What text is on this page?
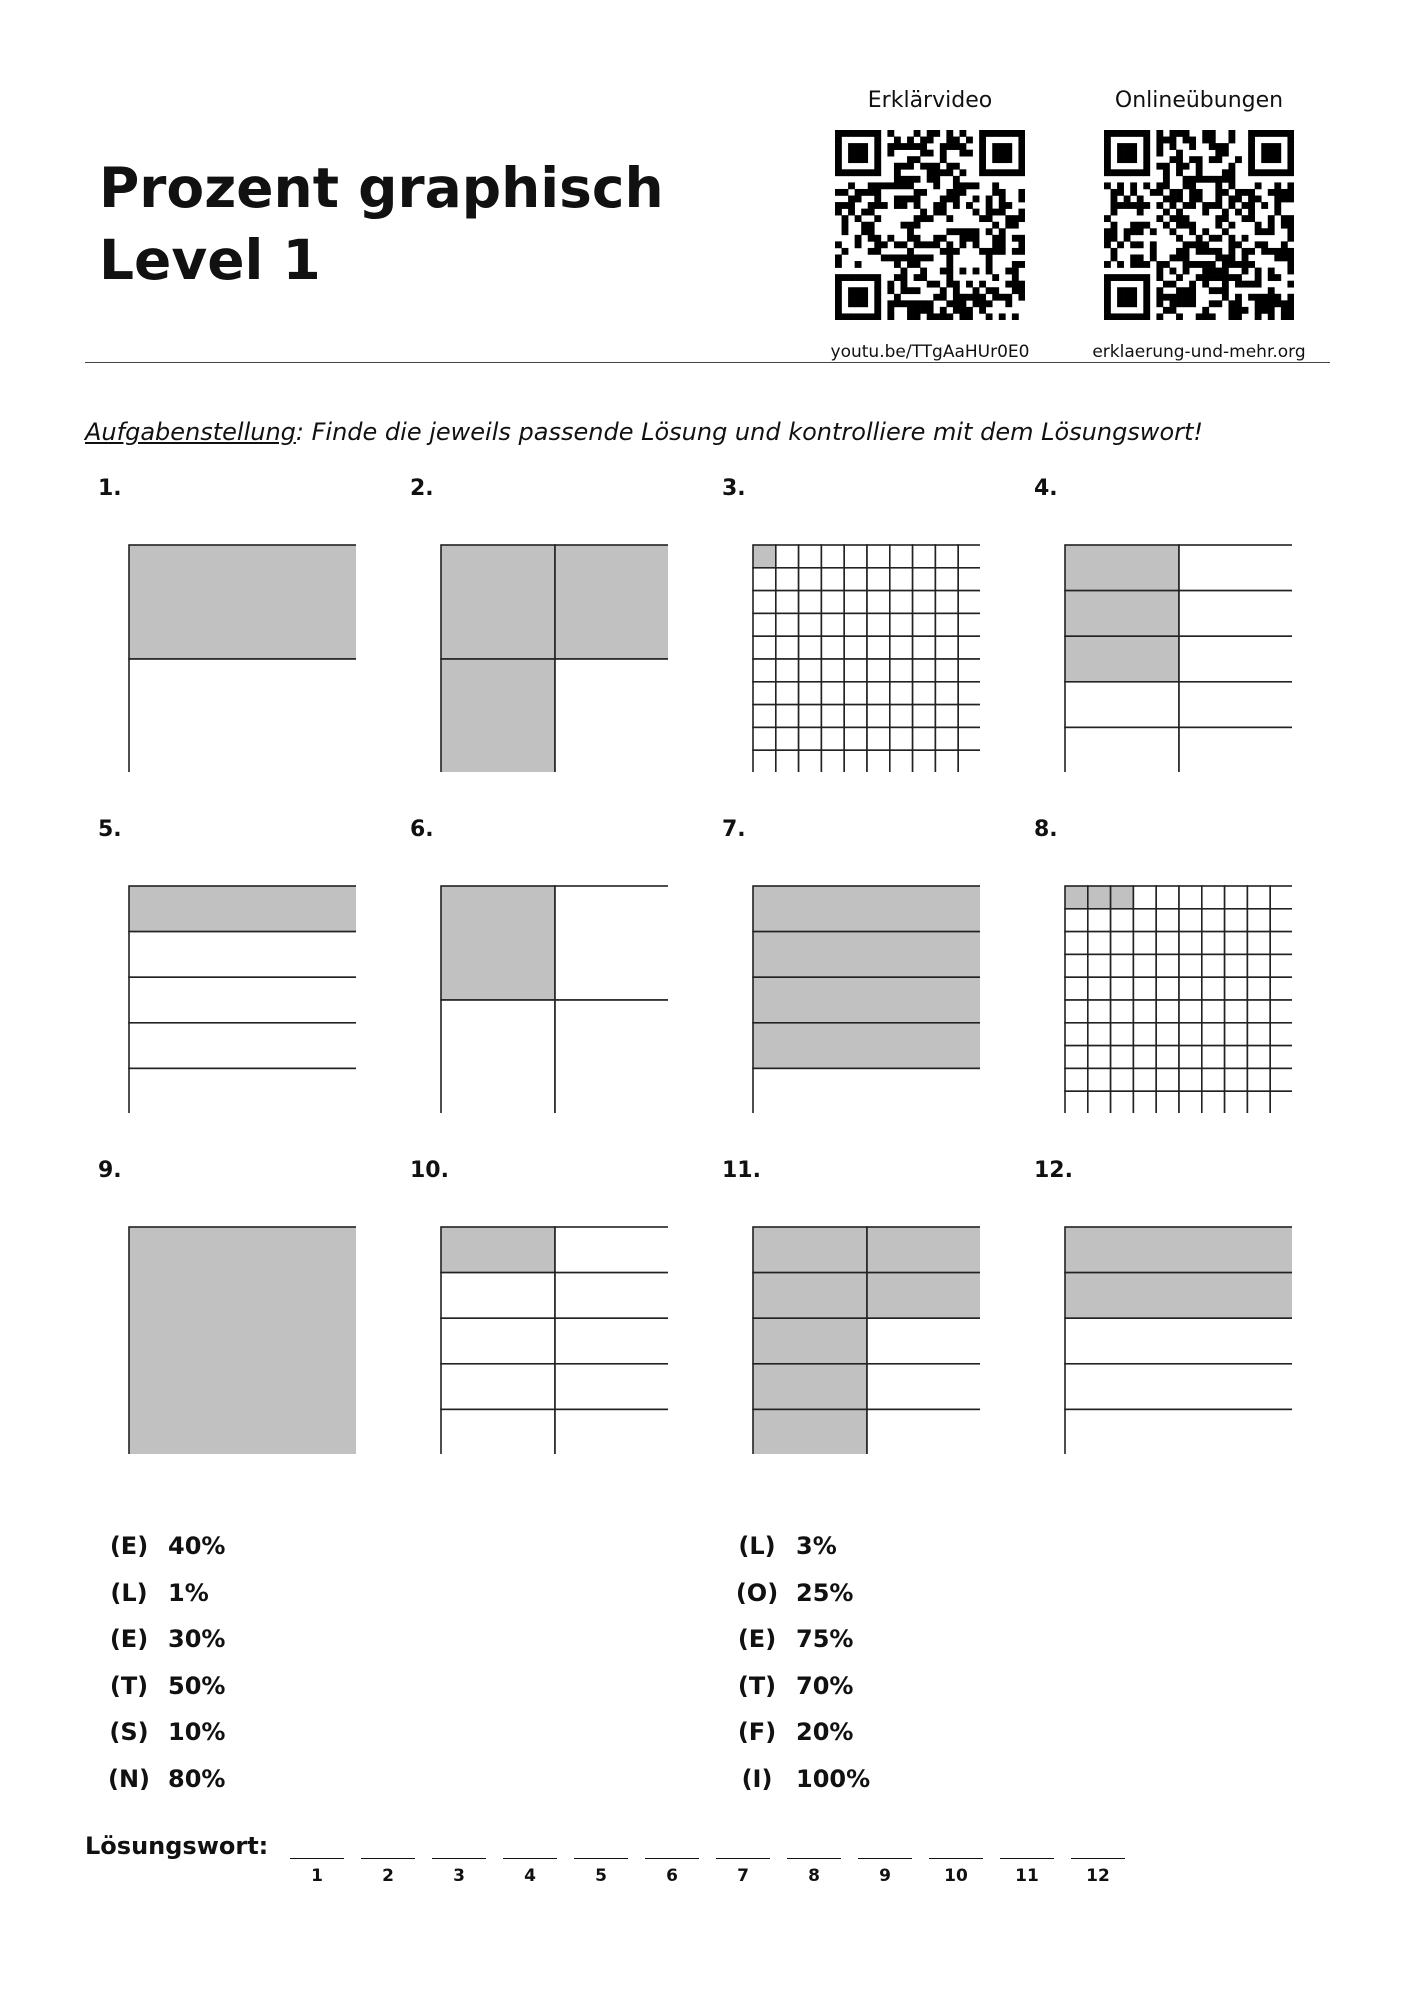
Prozent graphisch
Level 1
Erklärvideo
youtu.be/TTgAaHUr0E0
Onlineübungen
erklaerung-und-mehr.org
Aufgabenstellung: Finde die jeweils passende Lösung und kontrolliere mit dem Lösungswort!
1.	2.	3.	4.
5.	6.	7.	8.
9.	10.	11.	12.
(E) 40%
(L) 1%
(E) 30%
(T) 50%
(S) 10%
(N) 80%
(L) 3%
(O) 25%
(E) 75%
(T) 70%
(F) 20%
(I) 100%
Lösungswort:
1	2	3	4	5	6	7	8	9	10	11	12
